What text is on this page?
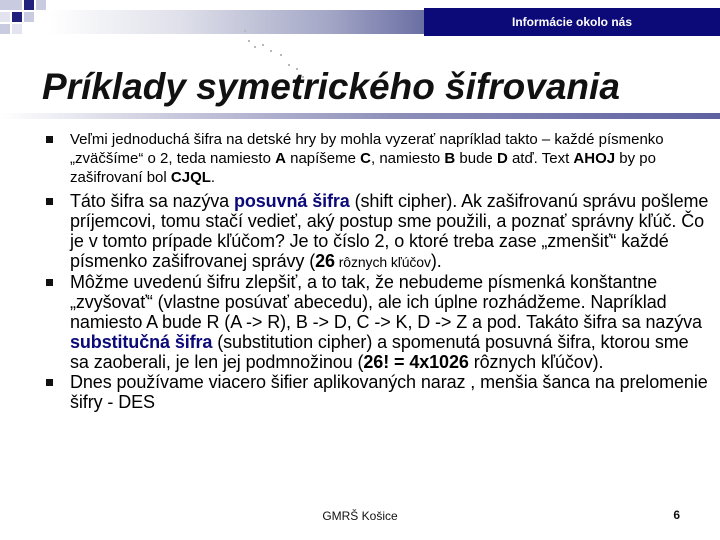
Informácie okolo nás
Príklady symetrického šifrovania
Veľmi jednoduchá šifra na detské hry by mohla vyzerať napríklad takto – každé písmenko „zväčšíme“ o 2, teda namiesto A napíšeme C, namiesto B bude D atď. Text AHOJ by po zašifrovaní bol CJQL.
Táto šifra sa nazýva posuvná šifra (shift cipher). Ak zašifrovanú správu pošleme príjemcovi, tomu stačí vedieť, aký postup sme použili, a poznať správny kľúč. Čo je v tomto prípade kľúčom? Je to číslo 2, o ktoré treba zase „zmenšiť“ každé písmenko zašifrovanej správy (26 rôznych kľúčov).
Môžme uvedenú šifru zlepšiť, a to tak, že nebudeme písmenká konštantne „zvyšovať“ (vlastne posúvať abecedu), ale ich úplne rozhádžeme. Napríklad namiesto A bude R (A -> R), B -> D, C -> K, D -> Z a pod. Takáto šifra sa nazýva substitučná šifra (substitution cipher) a spomenutá posuvná šifra, ktorou sme sa zaoberali, je len jej podmnožinou (26! = 4x1026 rôznych kľúčov).
Dnes používame viacero šifier aplikovaných naraz , menšia šanca na prelomenie šifry - DES
GMRŠ Košice	6
